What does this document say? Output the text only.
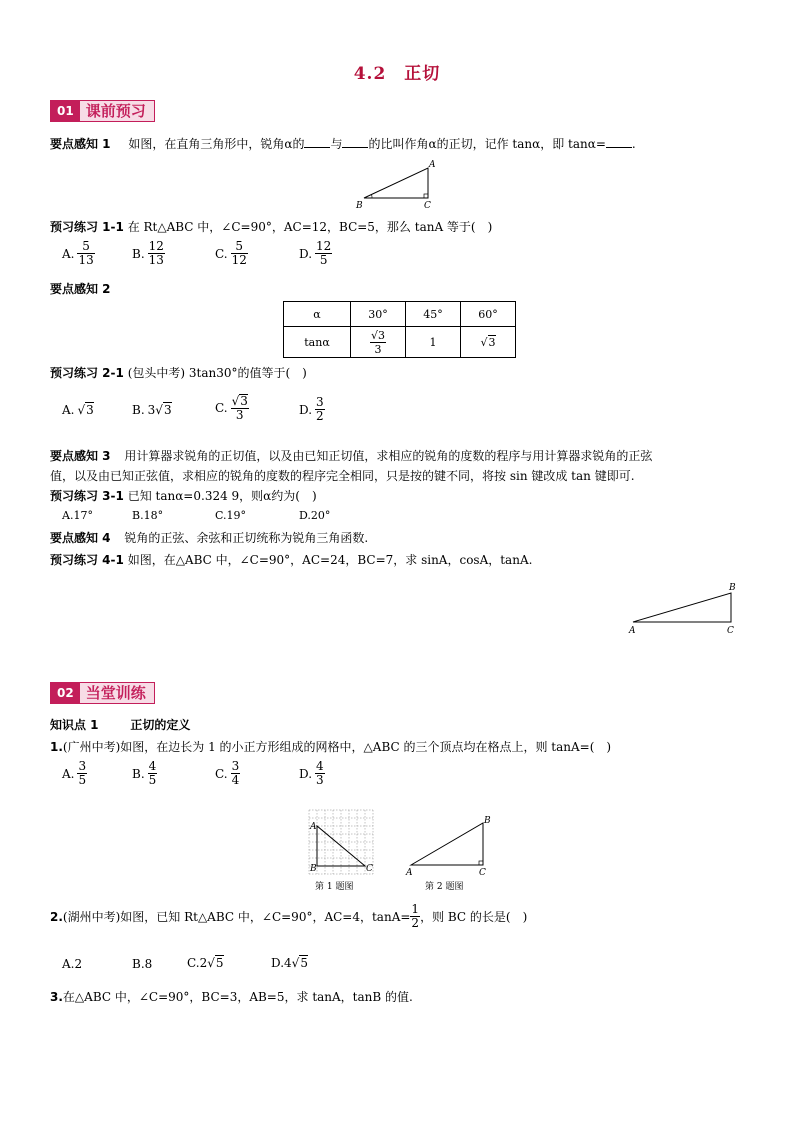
4.2　正切
01 课前预习
要点感知 1 如图，在直角三角形中，锐角α的 与 的比叫作角α的正切，记作 tanα，即 tanα= .
A
B	C
预习练习 1-1 在 Rt△ABC 中，∠C=90°，AC=12，BC=5，那么 tanA 等于(　)
A. $\frac{5}{13}$	B. $\frac{12}{13}$	C. $\frac{5}{12}$	D. $\frac{12}{5}$
要点感知 2
α	30°	45°	60°
tanα	$\frac{√3}{3}$	1	√3
预习练习 2-1 (包头中考) 3tan30°的值等于(　)
A. √ 3	B. 3 √ 3	C. $\frac{√3}{3}$	D. $\frac{3}{2}$
要点感知 3 用计算器求锐角的正切值，以及由已知正切值，求相应的锐角的度数的程序与用计算器求锐角的正弦
值，以及由已知正弦值，求相应的锐角的度数的程序完全相同，只是按的键不同，将按 sin 键改成 tan 键即可.
预习练习 3-1 已知 tanα=0.324 9，则α约为(　)
A.17°	B.18°	C.19°	D.20°
要点感知 4 锐角的正弦、余弦和正切统称为锐角三角函数.
预习练习 4-1 如图，在△ABC 中，∠C=90°，AC=24，BC=7，求 sinA，cosA，tanA.
B
A	C
02 当堂训练
知识点 1	正切的定义
1.(广州中考)如图，在边长为 1 的小正方形组成的网格中，△ABC 的三个顶点均在格点上，则 tanA=(　)
A. $\frac{3}{5}$	B. $\frac{4}{5}$	C. $\frac{3}{4}$	D. $\frac{4}{3}$
A
B	C
第 1 题图
B
A	C
第 2 题图
2. (湖州中考)如图，已知 Rt△ABC 中，∠C=90°，AC=4，$\tan A= \frac{1}{2}$ ，则 BC 的长是(　)
A.2	B.8	C.2√5	D.4√5
3.在△ABC 中，∠C=90°，BC=3，AB=5，求 tanA，tanB 的值.
